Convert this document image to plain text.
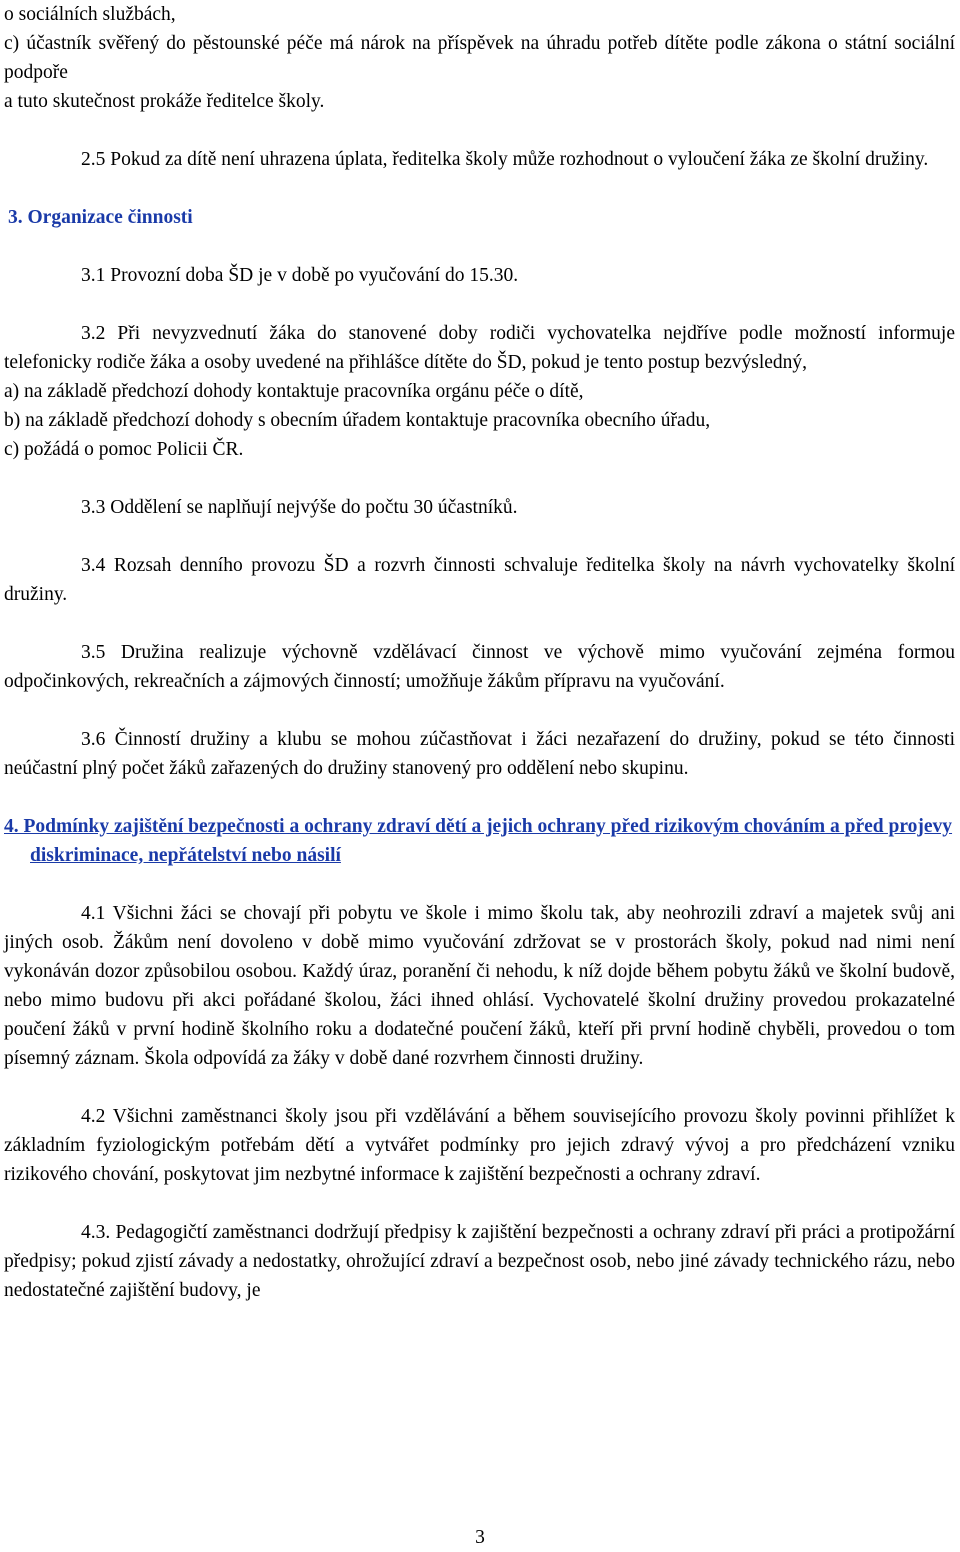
o sociálních službách,

c) účastník svěřený do pěstounské péče má nárok na příspěvek na úhradu potřeb dítěte podle zákona o státní sociální podpoře

a tuto skutečnost prokáže ředitelce školy.

2.5 Pokud za dítě není uhrazena úplata, ředitelka školy může rozhodnout o vyloučení žáka ze školní družiny.

3. Organizace činnosti

3.1 Provozní doba ŠD je v době po vyučování do 15.30.

3.2 Při nevyzvednutí žáka do stanovené doby rodiči vychovatelka nejdříve podle možností informuje telefonicky rodiče žáka a osoby uvedené na přihlášce dítěte do ŠD, pokud je tento postup bezvýsledný,

a) na základě předchozí dohody kontaktuje pracovníka orgánu péče o dítě,

b) na základě předchozí dohody s obecním úřadem kontaktuje pracovníka obecního úřadu,

c) požádá o pomoc Policii ČR.

3.3 Oddělení se naplňují nejvýše do počtu 30 účastníků.

3.4 Rozsah denního provozu ŠD a rozvrh činnosti schvaluje ředitelka školy na návrh vychovatelky školní družiny.

3.5 Družina realizuje výchovně vzdělávací činnost ve výchově mimo vyučování zejména formou odpočinkových, rekreačních a zájmových činností; umožňuje žákům přípravu na vyučování.

3.6 Činností družiny a klubu se mohou zúčastňovat i žáci nezařazení do družiny, pokud se této činnosti neúčastní plný počet žáků zařazených do družiny stanovený pro oddělení nebo skupinu.

4. Podmínky zajištění bezpečnosti a ochrany zdraví dětí a jejich ochrany před rizikovým chováním a před projevy diskriminace, nepřátelství nebo násilí

4.1 Všichni žáci se chovají při pobytu ve škole i mimo školu tak, aby neohrozili zdraví a majetek svůj ani jiných osob. Žákům není dovoleno v době mimo vyučování zdržovat se v prostorách školy, pokud nad nimi není vykonáván dozor způsobilou osobou. Každý úraz, poranění či nehodu, k níž dojde během pobytu žáků ve školní budově, nebo mimo budovu při akci pořádané školou, žáci ihned ohlásí. Vychovatelé školní družiny provedou prokazatelné poučení žáků v první hodině školního roku a dodatečné poučení žáků, kteří při první hodině chyběli, provedou o tom písemný záznam. Škola odpovídá za žáky v době dané rozvrhem činnosti družiny.

4.2 Všichni zaměstnanci školy jsou při vzdělávání a během souvisejícího provozu školy povinni přihlížet k základním fyziologickým potřebám dětí a vytvářet podmínky pro jejich zdravý vývoj a pro předcházení vzniku rizikového chování, poskytovat jim nezbytné informace k zajištění bezpečnosti a ochrany zdraví.

4.3. Pedagogičtí zaměstnanci dodržují předpisy k zajištění bezpečnosti a ochrany zdraví při práci a protipožární předpisy; pokud zjistí závady a nedostatky, ohrožující zdraví a bezpečnost osob, nebo jiné závady technického rázu, nebo nedostatečné zajištění budovy, je

3
